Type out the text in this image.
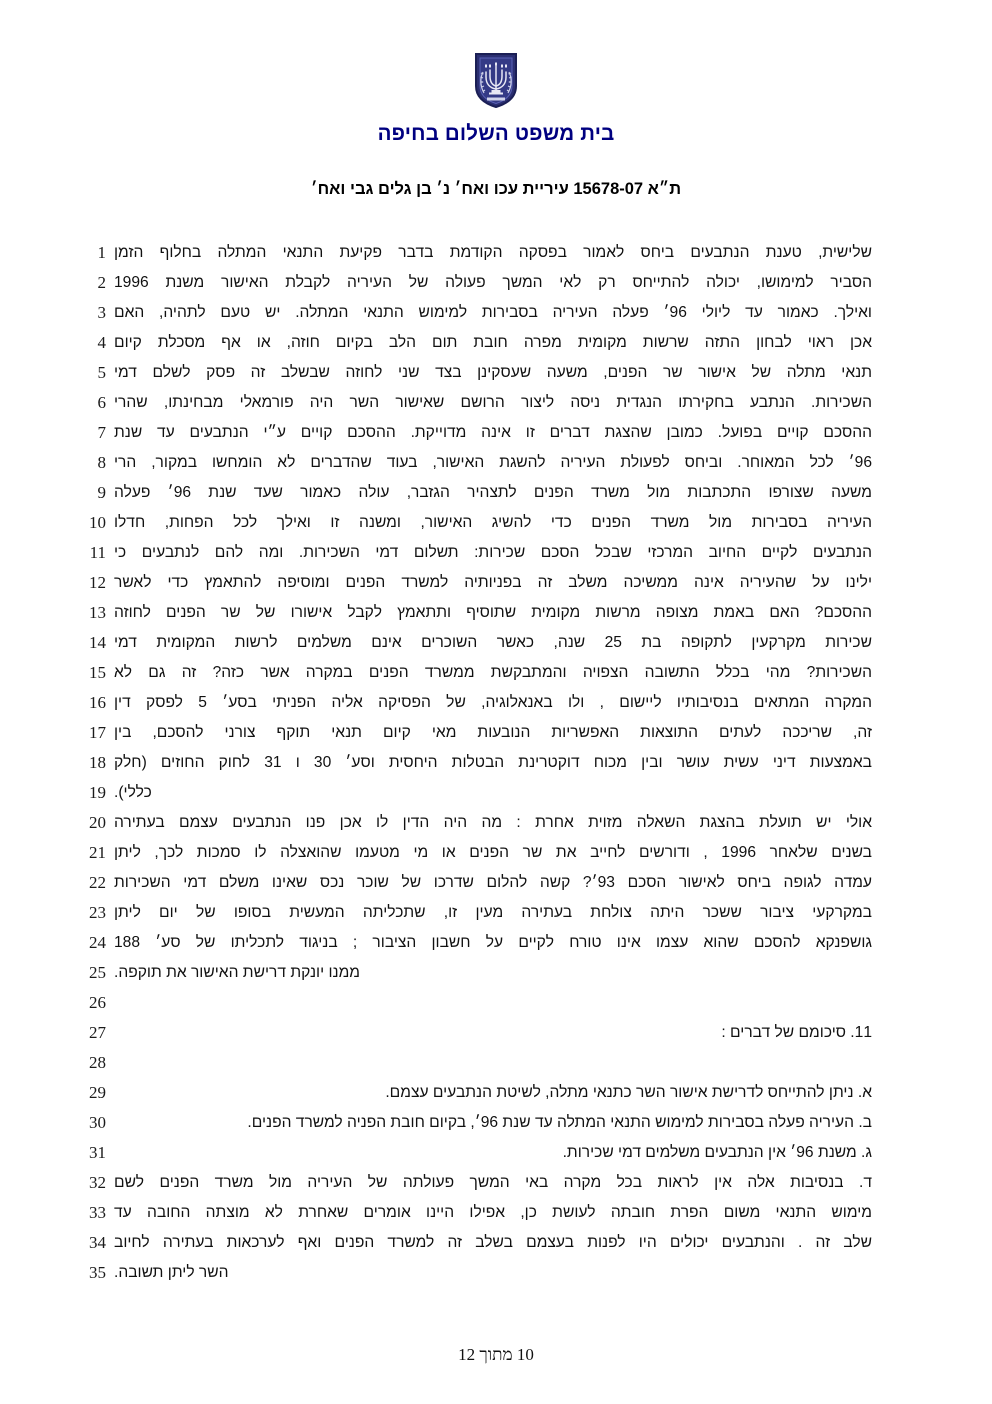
בית משפט השלום בחיפה
ת״א 15678-07 עיריית עכו ואח׳ נ׳ בן גלים גבי ואח׳
1 שלישית, טענת הנתבעים ביחס לאמור בפסקה הקודמת בדבר פקיעת התנאי המתלה בחלוף הזמן
2 הסביר למימושו, יכולה להתייחס רק לאי המשך פעולה של העיריה לקבלת האישור משנת 1996
3 ואילך. כאמור עד ליולי 96׳ פעלה העיריה בסבירות למימוש התנאי המתלה. יש טעם לתהיה, האם
4 אכן ראוי לבחון התזה שרשות מקומית מפרה חובת תום הלב בקיום חוזה, או אף מסכלת קיום
5 תנאי מתלה של אישור שר הפנים, משעה שעסקינן בצד שני לחוזה שבשלב זה פסק לשלם דמי
6 השכירות. הנתבע בחקירתו הנגדית ניסה ליצור הרושם שאישור השר היה פורמאלי מבחינתו, שהרי
7 ההסכם קויים בפועל. כמובן שהצגת דברים זו אינה מדוייקת. ההסכם קויים ע״י הנתבעים עד שנת
8 96׳ לכל המאוחר. וביחס לפעולת העיריה להשגת האישור, בעוד שהדברים לא הומחשו במקור, הרי
9 משעה שצורפו התכתבות מול משרד הפנים לתצהיר הגזבר, עולה כאמור שעד שנת 96׳ פעלה
10 העיריה בסבירות מול משרד הפנים כדי להשיג האישור, ומשנה זו ואילך לכל הפחות, חדלו
11 הנתבעים לקיים החיוב המרכזי שבכל הסכם שכירות: תשלום דמי השכירות. ומה להם לנתבעים כי
12 ילינו על שהעיריה אינה ממשיכה משלב זה בפניותיה למשרד הפנים ומוסיפה להתאמץ כדי לאשר
13 ההסכם? האם באמת מצופה מרשות מקומית שתוסיף ותתאמץ לקבל אישורו של שר הפנים לחוזה
14 שכירות מקרקעין לתקופה בת 25 שנה, כאשר השוכרים אינם משלמים לרשות המקומית דמי
15 השכירות? מהי בכלל התשובה הצפויה והמתבקשת ממשרד הפנים במקרה אשר כזה? זה גם לא
16 המקרה המתאים בנסיבותיו ליישום , ולו באנאלוגיה, של הפסיקה אליה הפניתי בסע׳ 5 לפסק דין
17 זה, שריככה לעתים התוצאות האפשריות הנובעות מאי קיום תנאי תוקף צורני להסכם, בין
18 באמצעות דיני עשית עושר ובין מכוח דוקטרינת הבטלות היחסית וסע׳ 30 ו 31 לחוק החוזים (חלק
19 כללי).
20 אולי יש תועלת בהצגת השאלה מזוית אחרת : מה היה הדין לו אכן פנו הנתבעים עצמם בעתירה
21 בשנים שלאחר 1996 , ודורשים לחייב את שר הפנים או מי מטעמו שהואצלה לו סמכות לכך, ליתן
22 עמדה לגופה ביחס לאישור הסכם 93׳? קשה להלום שדרכו של שוכר נכס שאינו משלם דמי השכירות
23 במקרקעי ציבור ששכר היתה צולחת בעתירה מעין זו, שתכליתה המעשית בסופו של יום ליתן
24 גושפנקא להסכם שהוא עצמו אינו טורח לקיים על חשבון הציבור ; בניגוד לתכליתו של סע׳ 188
25 ממנו יונקת דרישת האישור את תוקפה.
26
27	11. סיכומם של דברים :
28
29	א. ניתן להתייחס לדרישת אישור השר כתנאי מתלה, לשיטת הנתבעים עצמם.
30	ב. העיריה פעלה בסבירות למימוש התנאי המתלה עד שנת 96׳, בקיום חובת הפניה למשרד הפנים.
31	ג. משנת 96׳ אין הנתבעים משלמים דמי שכירות.
32 ד. בנסיבות אלה אין לראות בכל מקרה באי המשך פעולתה של העיריה מול משרד הפנים לשם
33 מימוש התנאי משום הפרת חובתה לעושת כן, אפילו היינו אומרים שאחרת לא מוצתה החובה עד
34 שלב זה . והנתבעים יכולים היו לפנות בעצמם בשלב זה למשרד הפנים ואף לערכאות בעתירה לחיוב
35 השר ליתן תשובה.
10 מתוך 12
